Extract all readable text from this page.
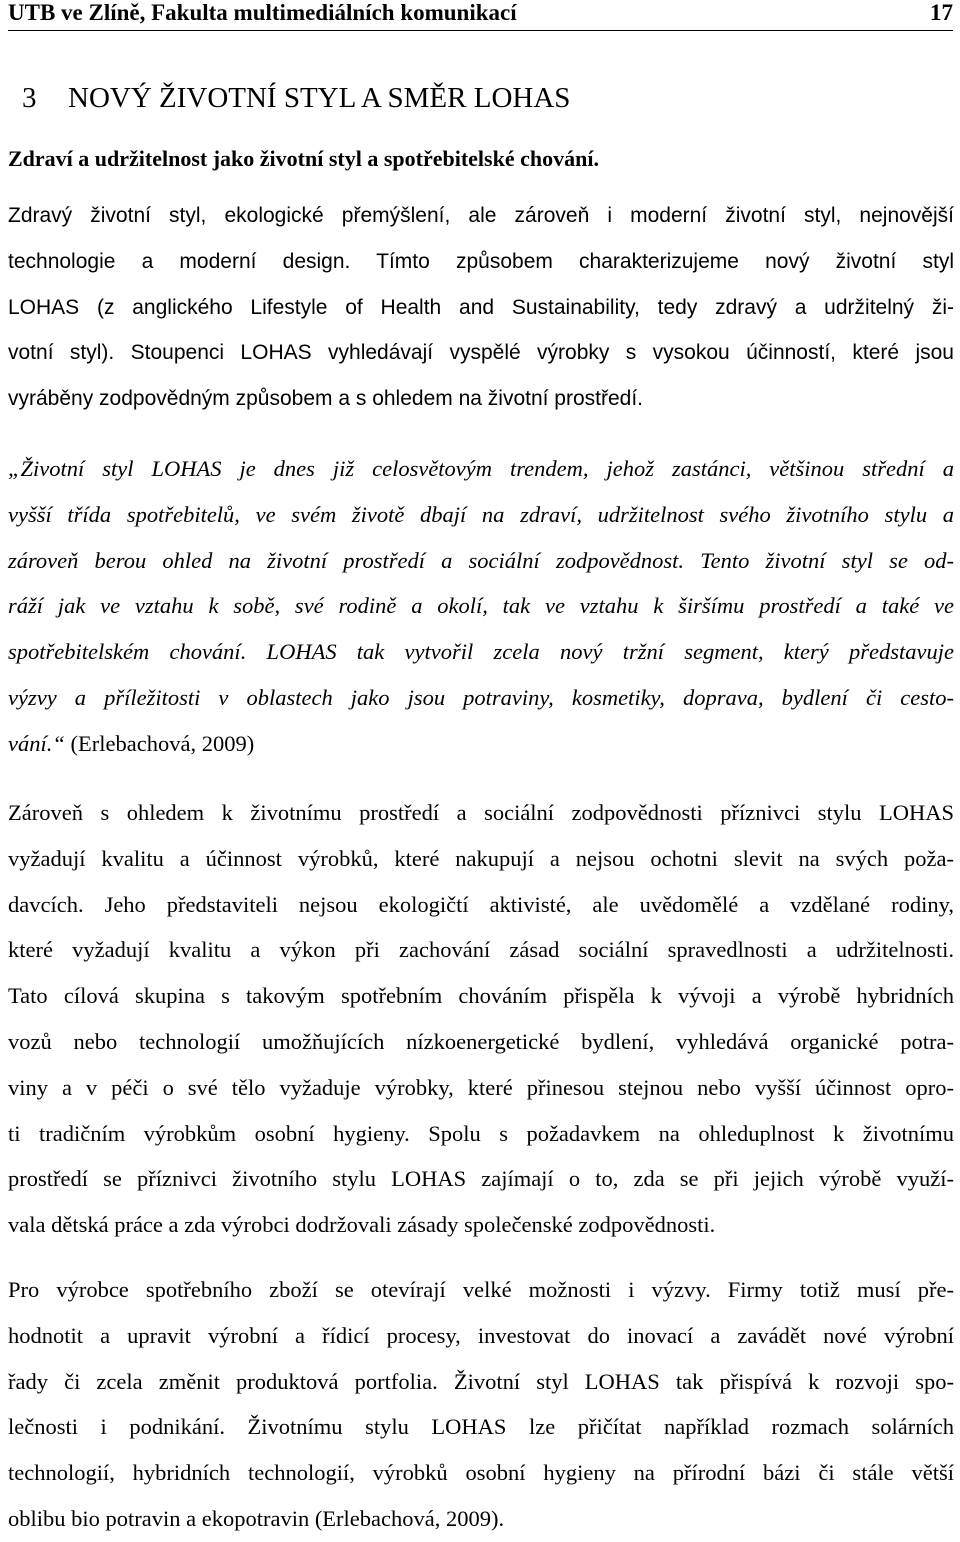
UTB ve Zlíně, Fakulta multimediálních komunikací	17
3 NOVÝ ŽIVOTNÍ STYL A SMĚR LOHAS
Zdraví a udržitelnost jako životní styl a spotřebitelské chování.
Zdravý životní styl, ekologické přemýšlení, ale zároveň i moderní životní styl, nejnovější
technologie a moderní design. Tímto způsobem charakterizujeme nový životní styl
LOHAS (z anglického Lifestyle of Health and Sustainability, tedy zdravý a udržitelný ži-
votní styl). Stoupenci LOHAS vyhledávají vyspělé výrobky s vysokou účinností, které jsou
vyráběny zodpovědným způsobem a s ohledem na životní prostředí.
„Životní styl LOHAS je dnes již celosvětovým trendem, jehož zastánci, většinou střední a
vyšší třída spotřebitelů, ve svém životě dbají na zdraví, udržitelnost svého životního stylu a
zároveň berou ohled na životní prostředí a sociální zodpovědnost. Tento životní styl se od-
ráží jak ve vztahu k sobě, své rodině a okolí, tak ve vztahu k širšímu prostředí a také ve
spotřebitelském chování. LOHAS tak vytvořil zcela nový tržní segment, který představuje
výzvy a příležitosti v oblastech jako jsou potraviny, kosmetiky, doprava, bydlení či cesto-
vání.“ (Erlebachová, 2009)
Zároveň s ohledem k životnímu prostředí a sociální zodpovědnosti příznivci stylu LOHAS
vyžadují kvalitu a účinnost výrobků, které nakupují a nejsou ochotni slevit na svých poža-
davcích. Jeho představiteli nejsou ekologičtí aktivisté, ale uvědomělé a vzdělané rodiny,
které vyžadují kvalitu a výkon při zachování zásad sociální spravedlnosti a udržitelnosti.
Tato cílová skupina s takovým spotřebním chováním přispěla k vývoji a výrobě hybridních
vozů nebo technologií umožňujících nízkoenergetické bydlení, vyhledává organické potra-
viny a v péči o své tělo vyžaduje výrobky, které přinesou stejnou nebo vyšší účinnost opro-
ti tradičním výrobkům osobní hygieny. Spolu s požadavkem na ohleduplnost k životnímu
prostředí se příznivci životního stylu LOHAS zajímají o to, zda se při jejich výrobě využí-
vala dětská práce a zda výrobci dodržovali zásady společenské zodpovědnosti.
Pro výrobce spotřebního zboží se otevírají velké možnosti i výzvy. Firmy totiž musí pře-
hodnotit a upravit výrobní a řídicí procesy, investovat do inovací a zavádět nové výrobní
řady či zcela změnit produktová portfolia. Životní styl LOHAS tak přispívá k rozvoji spo-
lečnosti i podnikání. Životnímu stylu LOHAS lze přičítat například rozmach solárních
technologií, hybridních technologií, výrobků osobní hygieny na přírodní bázi či stále větší
oblibu bio potravin a ekopotravin (Erlebachová, 2009).
